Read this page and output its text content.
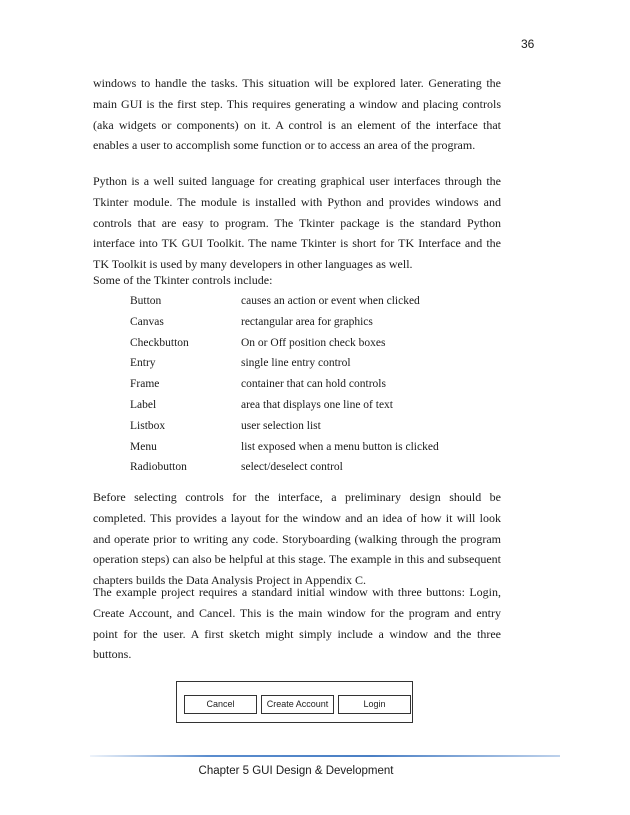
36

windows to handle the tasks. This situation will be explored later. Generating the main GUI is the first step. This requires generating a window and placing controls (aka widgets or components) on it. A control is an element of the interface that enables a user to accomplish some function or to access an area of the program.

Python is a well suited language for creating graphical user interfaces through the Tkinter module. The module is installed with Python and provides windows and controls that are easy to program. The Tkinter package is the standard Python interface into TK GUI Toolkit. The name Tkinter is short for TK Interface and the TK Toolkit is used by many developers in other languages as well.

Some of the Tkinter controls include:

Button	causes an action or event when clicked
Canvas	rectangular area for graphics
Checkbutton	On or Off position check boxes
Entry	single line entry control
Frame	container that can hold controls
Label	area that displays one line of text
Listbox	user selection list
Menu	list exposed when a menu button is clicked
Radiobutton	select/deselect control

Before selecting controls for the interface, a preliminary design should be completed. This provides a layout for the window and an idea of how it will look and operate prior to writing any code. Storyboarding (walking through the program operation steps) can also be helpful at this stage. The example in this and subsequent chapters builds the Data Analysis Project in Appendix C.

The example project requires a standard initial window with three buttons: Login, Create Account, and Cancel. This is the main window for the program and entry point for the user. A first sketch might simply include a window and the three buttons.

Cancel	Create Account	Login
Chapter 5 GUI Design & Development
